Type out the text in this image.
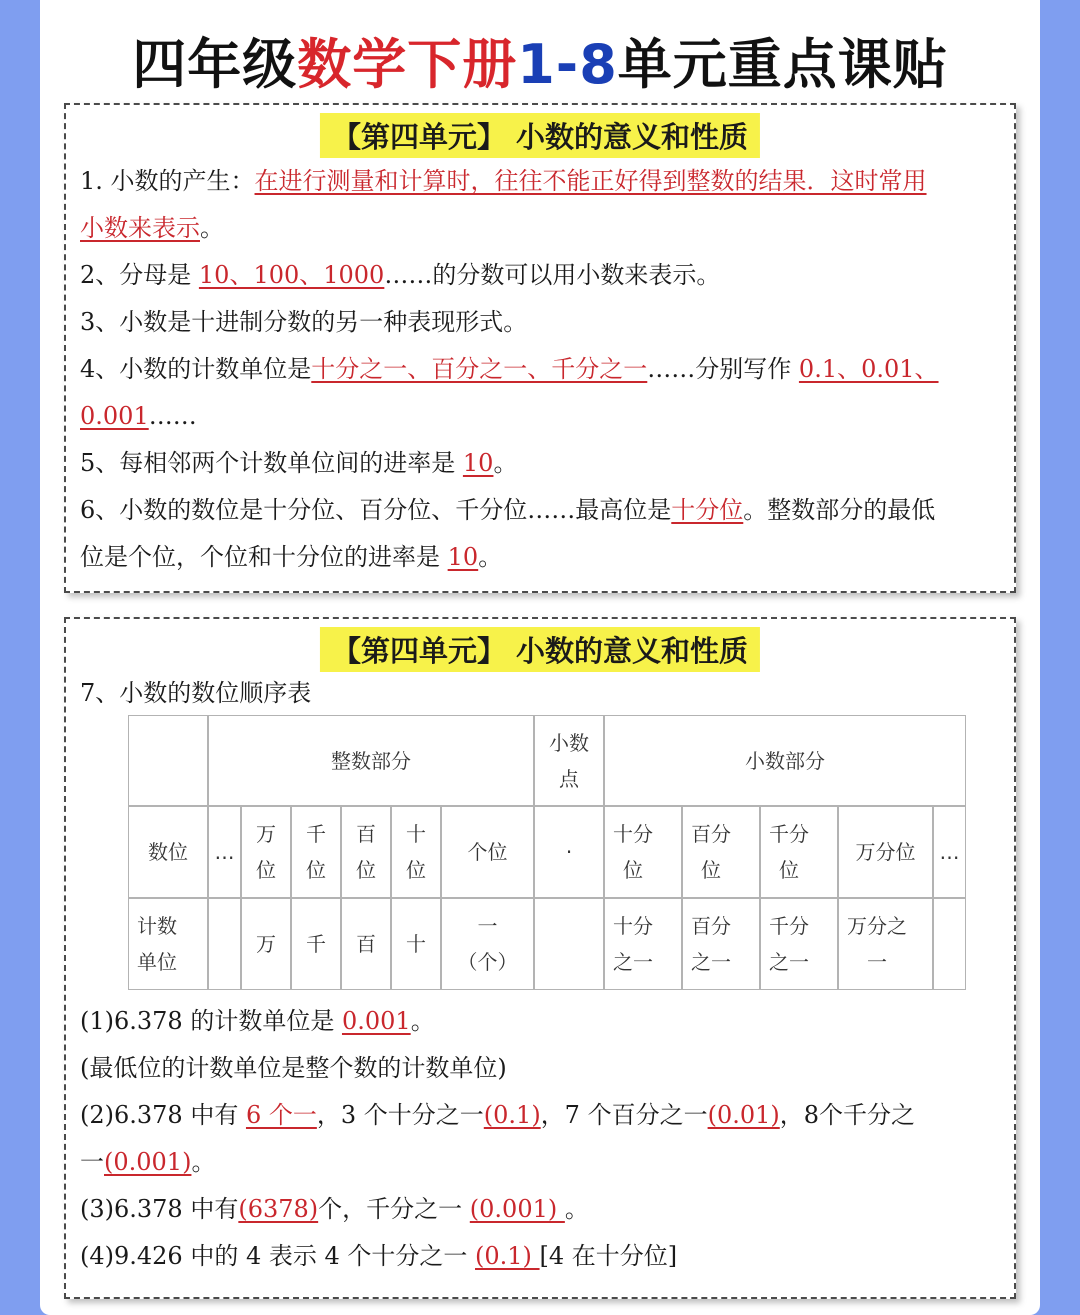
四年级数学下册1-8单元重点课贴
【第四单元】 小数的意义和性质
1. 小数的产生：在进行测量和计算时，往往不能正好得到整数的结果．这时常用
小数来表示。
2、分母是 10、100、1000……的分数可以用小数来表示。
3、小数是十进制分数的另一种表现形式。
4、小数的计数单位是十分之一、百分之一、千分之一……分别写作 0.1、0.01、
0.001……
5、每相邻两个计数单位间的进率是 10。
6、小数的数位是十分位、百分位、千分位……最高位是十分位。整数部分的最低
位是个位，个位和十分位的进率是 10。
【第四单元】 小数的意义和性质
7、小数的数位顺序表
整数部分
小数
点
小数部分
数位	…
万
位
千
位
百
位
十
位
个位	·
十分
位
百分
位
千分
位
万分位 …
计数
单位
万 千 百 十
一
（个）
十分
之一
百分
之一
千分
之一
万分之
一
(1)6.378 的计数单位是 0.001。
(最低位的计数单位是整个数的计数单位)
(2)6.378 中有 6 个一，3 个十分之一(0.1)，7 个百分之一(0.01)，8个千分之
一(0.001)。
(3)6.378 中有(6378)个，千分之一 (0.001) 。
(4)9.426 中的 4 表示 4 个十分之一 (0.1) [4 在十分位]
